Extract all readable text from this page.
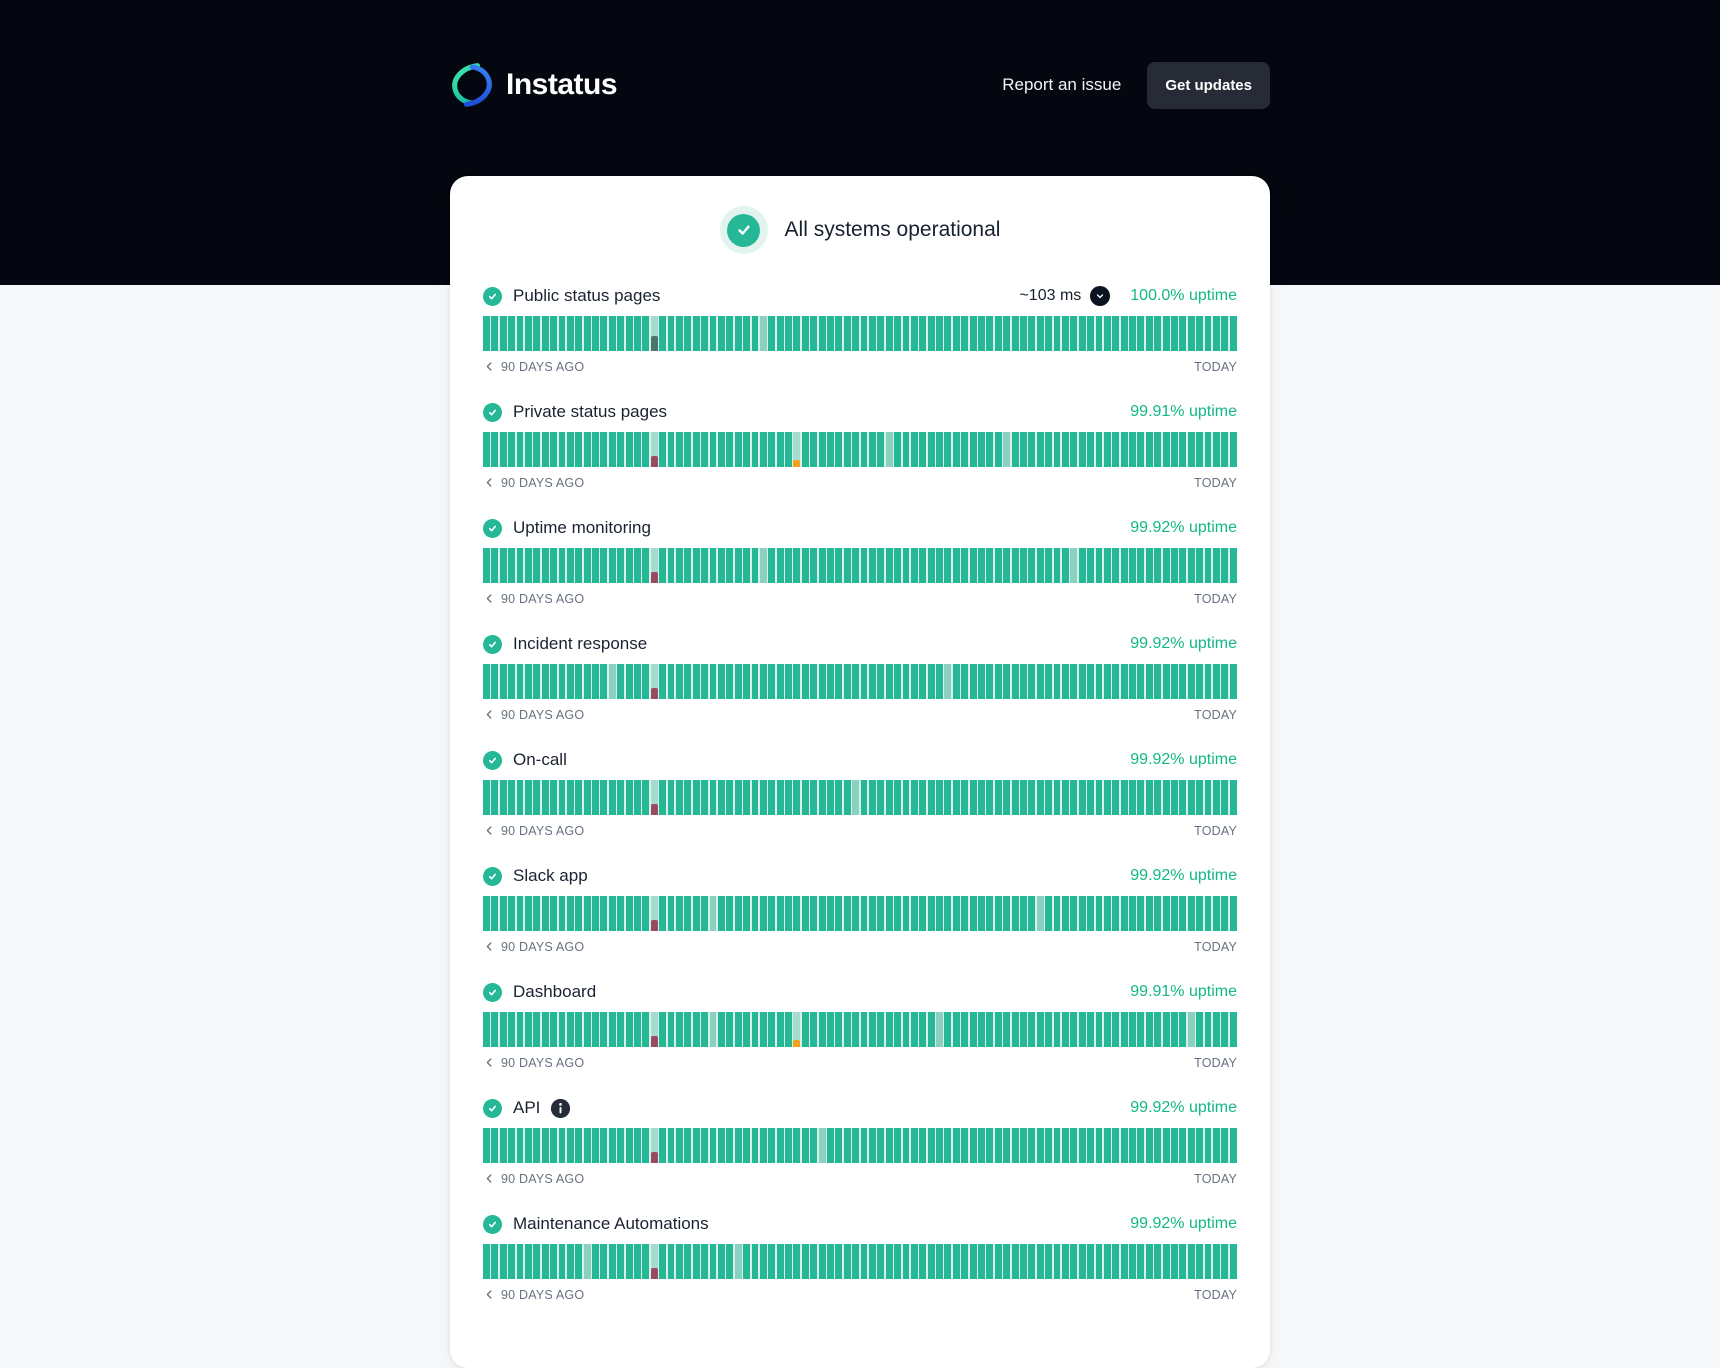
Instatus	Report an issue	Get updates
All systems operational
Public status pages	~103 ms	100.0% uptime
90 DAYS AGO	TODAY
Private status pages	99.91% uptime
90 DAYS AGO	TODAY
Uptime monitoring	99.92% uptime
90 DAYS AGO	TODAY
Incident response	99.92% uptime
90 DAYS AGO	TODAY
On-call	99.92% uptime
90 DAYS AGO	TODAY
Slack app	99.92% uptime
90 DAYS AGO	TODAY
Dashboard	99.91% uptime
90 DAYS AGO	TODAY
API	99.92% uptime
90 DAYS AGO	TODAY
Maintenance Automations	99.92% uptime
90 DAYS AGO	TODAY
